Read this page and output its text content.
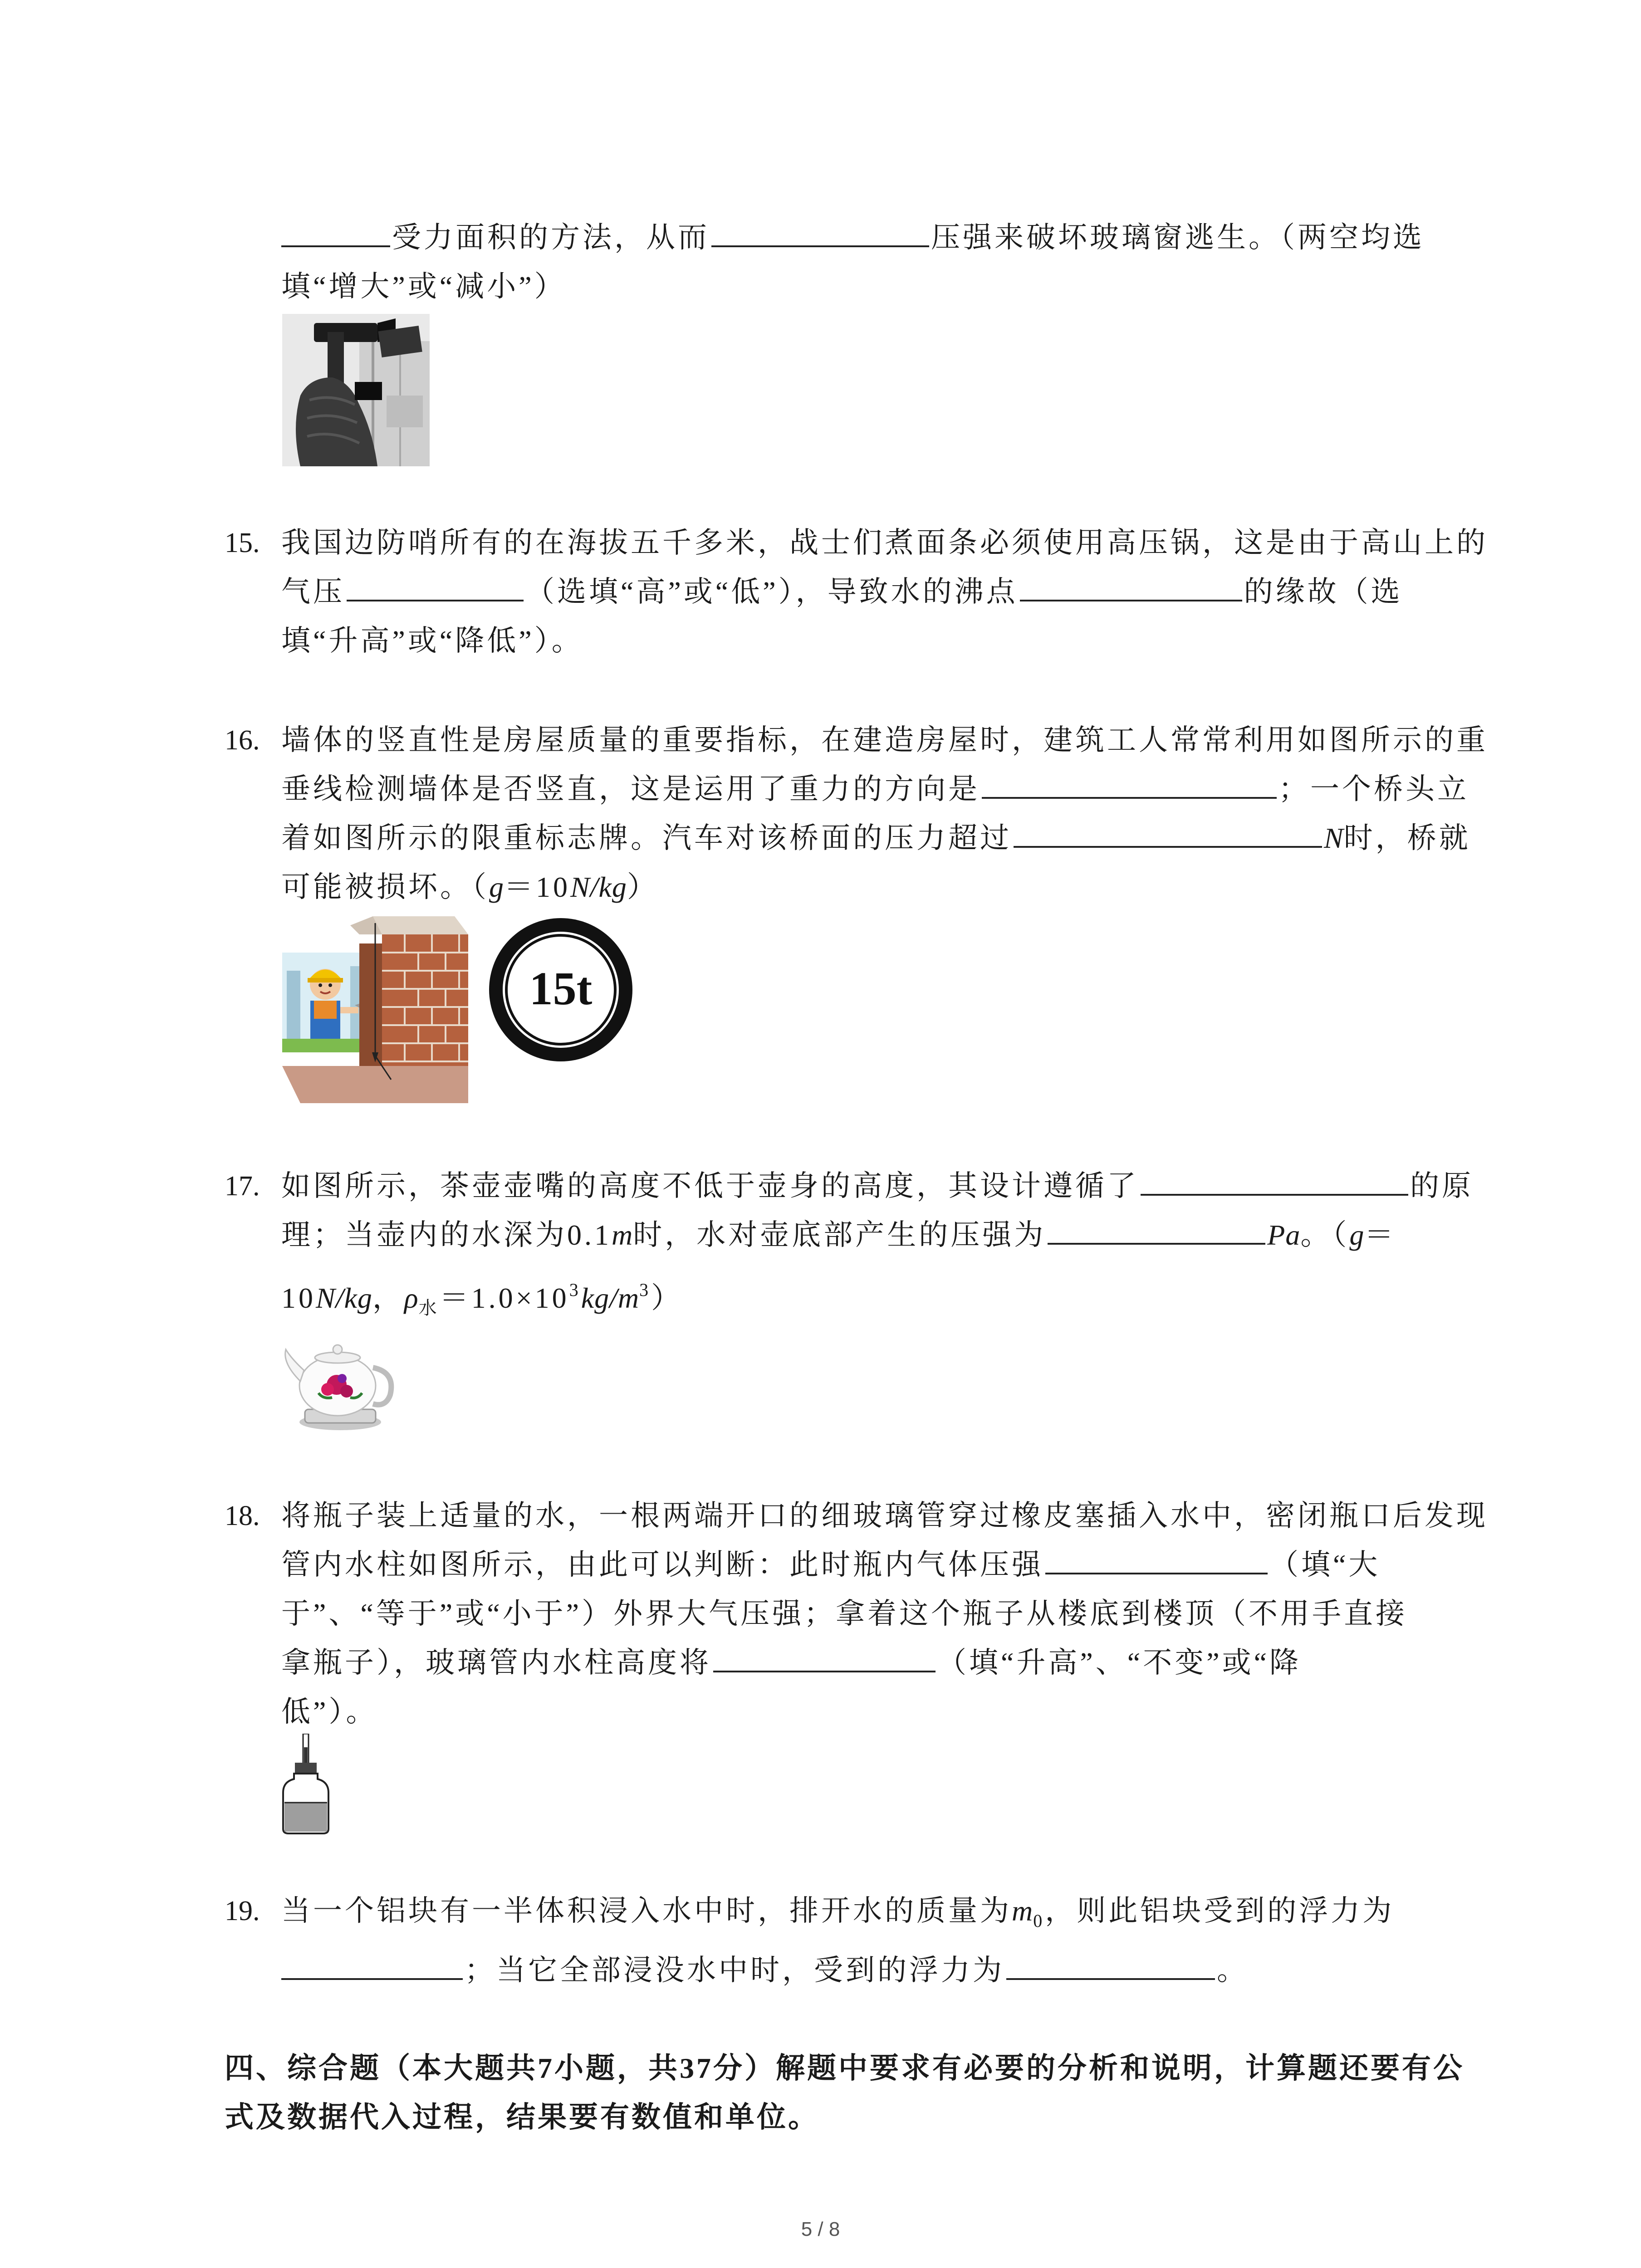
受力面积的方法，从而	压强来破坏玻璃窗逃生。（两空均选
填“增大”或“减小”）
15. 我国边防哨所有的在海拔五千多米，战士们煮面条必须使用高压锅，这是由于高山上的
气压	（选填“高”或“低”），导致水的沸点	的缘故（选
填“升高”或“降低”）。
16. 墙体的竖直性是房屋质量的重要指标，在建造房屋时，建筑工人常常利用如图所示的重
垂线检测墙体是否竖直，这是运用了重力的方向是	；一个桥头立
着如图所示的限重标志牌。汽车对该桥面的压力超过	N时，桥就
可能被损坏。（g＝10N/kg）
15t
17. 如图所示，茶壶壶嘴的高度不低于壶身的高度，其设计遵循了	的原
理；当壶内的水深为0.1m时，水对壶底部产生的压强为	Pa。（g＝
10N/kg，$\rho_水=1.0\times 10^3kg/m^3$）
18. 将瓶子装上适量的水，一根两端开口的细玻璃管穿过橡皮塞插入水中，密闭瓶口后发现
管内水柱如图所示，由此可以判断：此时瓶内气体压强	（填“大
于”、“等于”或“小于”）外界大气压强；拿着这个瓶子从楼底到楼顶（不用手直接
拿瓶子），玻璃管内水柱高度将	（填“升高”、“不变”或“降
低”）。
19. 当一个铝块有一半体积浸入水中时，排开水的质量为$m_0$，则此铝块受到的浮力为
；当它全部浸没水中时，受到的浮力为	。
四、综合题（本大题共7小题，共37分）解题中要求有必要的分析和说明，计算题还要有公
式及数据代入过程，结果要有数值和单位。
5 / 8
